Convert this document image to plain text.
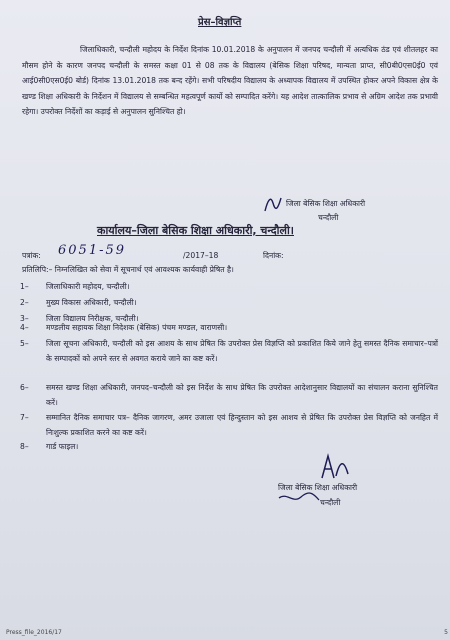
प्रेस–विज्ञप्ति
जिलाधिकारी, चन्दौली महोदय के निर्देश दिनांक 10.01.2018 के अनुपालन में जनपद चन्दौली में अत्यधिक ठंड एवं शीतलहर का मौसम होने के कारण जनपद चन्दौली के समस्त कक्षा 01 से 08 तक के विद्यालय (बेसिक शिक्षा परिषद, मान्यता प्राप्त, सी0बी0एस0ई0 एवं आई0सी0एस0ई0 बोर्ड) दिनांक 13.01.2018 तक बन्द रहेंगे। सभी परिषदीय विद्यालय के अध्यापक विद्यालय में उपस्थित होकर अपने विकास क्षेत्र के खण्ड शिक्षा अधिकारी के निर्देशन में विद्यालय से सम्बन्धित महत्वपूर्ण कार्यो को सम्पादित करेंगे। यह आदेश तात्कालिक प्रभाव से अग्रिम आदेश तक प्रभावी रहेगा। उपरोक्त निर्देशों का कड़ाई से अनुपालन सुनिश्चित हो।
जिला बेसिक शिक्षा अधिकारी
चन्दौली
कार्यालय–जिला बेसिक शिक्षा अधिकारी, चन्दौली।
पत्रांक: 6051-59	/2017–18	दिनांक:
प्रतिलिपि:– निम्नलिखित को सेवा में सूचनार्थ एवं आवश्यक कार्यवाही प्रेषित है।
1–	जिलाधिकारी महोदय, चन्दौली।
2–	मुख्य विकास अधिकारी, चन्दौली।
3–	जिला विद्यालय निरीक्षक, चन्दौली।
4–	मण्डलीय सहायक शिक्षा निदेशक (बेसिक) पंचम मण्डल, वाराणसी।
5–	जिला सूचना अधिकारी, चन्दौली को इस आशय के साथ प्रेषित कि उपरोक्त प्रेस विज्ञप्ति को प्रकाशित किये जाने हेतु समस्त दैनिक समाचार–पत्रों के सम्पादकों को अपने स्तर से अवगत कराये जाने का कष्ट करें।
6–	समस्त खण्ड शिक्षा अधिकारी, जनपद–चन्दौली को इस निर्देश के साथ प्रेषित कि उपरोक्त आदेशानुसार विद्यालयों का संचालन कराना सुनिश्चित करें।
7–	सम्मानित दैनिक समाचार पत्र– दैनिक जागरण, अमर उजाला एवं हिन्दुस्तान को इस आशय से प्रेषित कि उपरोक्त प्रेस विज्ञप्ति को जनहित में निःशुल्क प्रकाशित करने का कष्ट करें।
8–	गार्ड फाइल।
जिला बेसिक शिक्षा अधिकारी
चन्दौली
Press_file_2016/17	5
